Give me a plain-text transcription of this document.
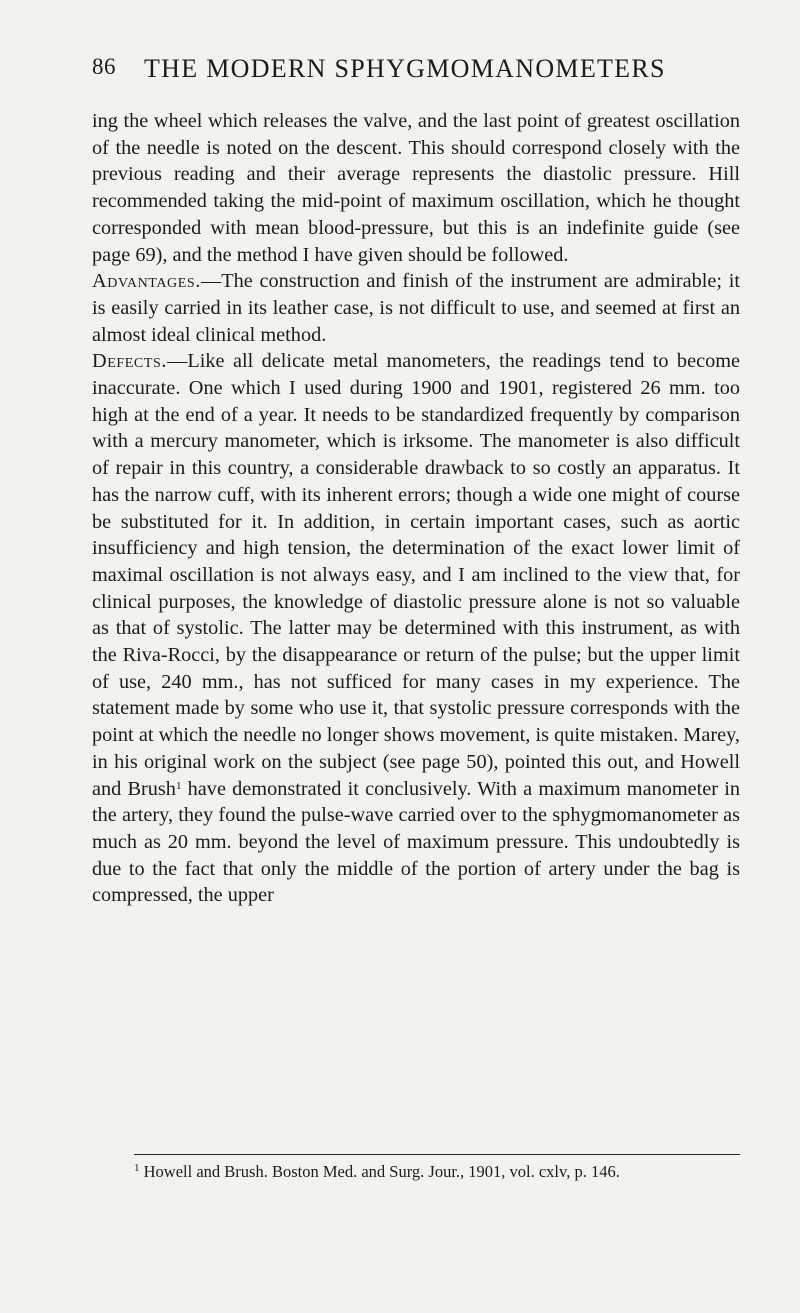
86 THE MODERN SPHYGMOMANOMETERS

ing the wheel which releases the valve, and the last point of greatest oscillation of the needle is noted on the descent. This should correspond closely with the previous reading and their average represents the diastolic pressure. Hill recommended taking the mid-point of maximum oscillation, which he thought corresponded with mean blood-pressure, but this is an indefinite guide (see page 69), and the method I have given should be followed.

Advantages.—The construction and finish of the instrument are admirable; it is easily carried in its leather case, is not difficult to use, and seemed at first an almost ideal clinical method.

Defects.—Like all delicate metal manometers, the readings tend to become inaccurate. One which I used during 1900 and 1901, registered 26 mm. too high at the end of a year. It needs to be standardized frequently by comparison with a mercury manometer, which is irksome. The manometer is also difficult of repair in this country, a considerable drawback to so costly an apparatus. It has the narrow cuff, with its inherent errors; though a wide one might of course be substituted for it. In addition, in certain important cases, such as aortic insufficiency and high tension, the determination of the exact lower limit of maximal oscillation is not always easy, and I am inclined to the view that, for clinical purposes, the knowledge of diastolic pressure alone is not so valuable as that of systolic. The latter may be determined with this instrument, as with the Riva-Rocci, by the disappearance or return of the pulse; but the upper limit of use, 240 mm., has not sufficed for many cases in my experience. The statement made by some who use it, that systolic pressure corresponds with the point at which the needle no longer shows movement, is quite mistaken. Marey, in his original work on the subject (see page 50), pointed this out, and Howell and Brush$^1$ have demonstrated it conclusively. With a maximum manometer in the artery, they found the pulse-wave carried over to the sphygmomanometer as much as 20 mm. beyond the level of maximum pressure. This undoubtedly is due to the fact that only the middle of the portion of artery under the bag is compressed, the upper

$^1$ Howell and Brush. Boston Med. and Surg. Jour., 1901, vol. cxlv, p. 146.
